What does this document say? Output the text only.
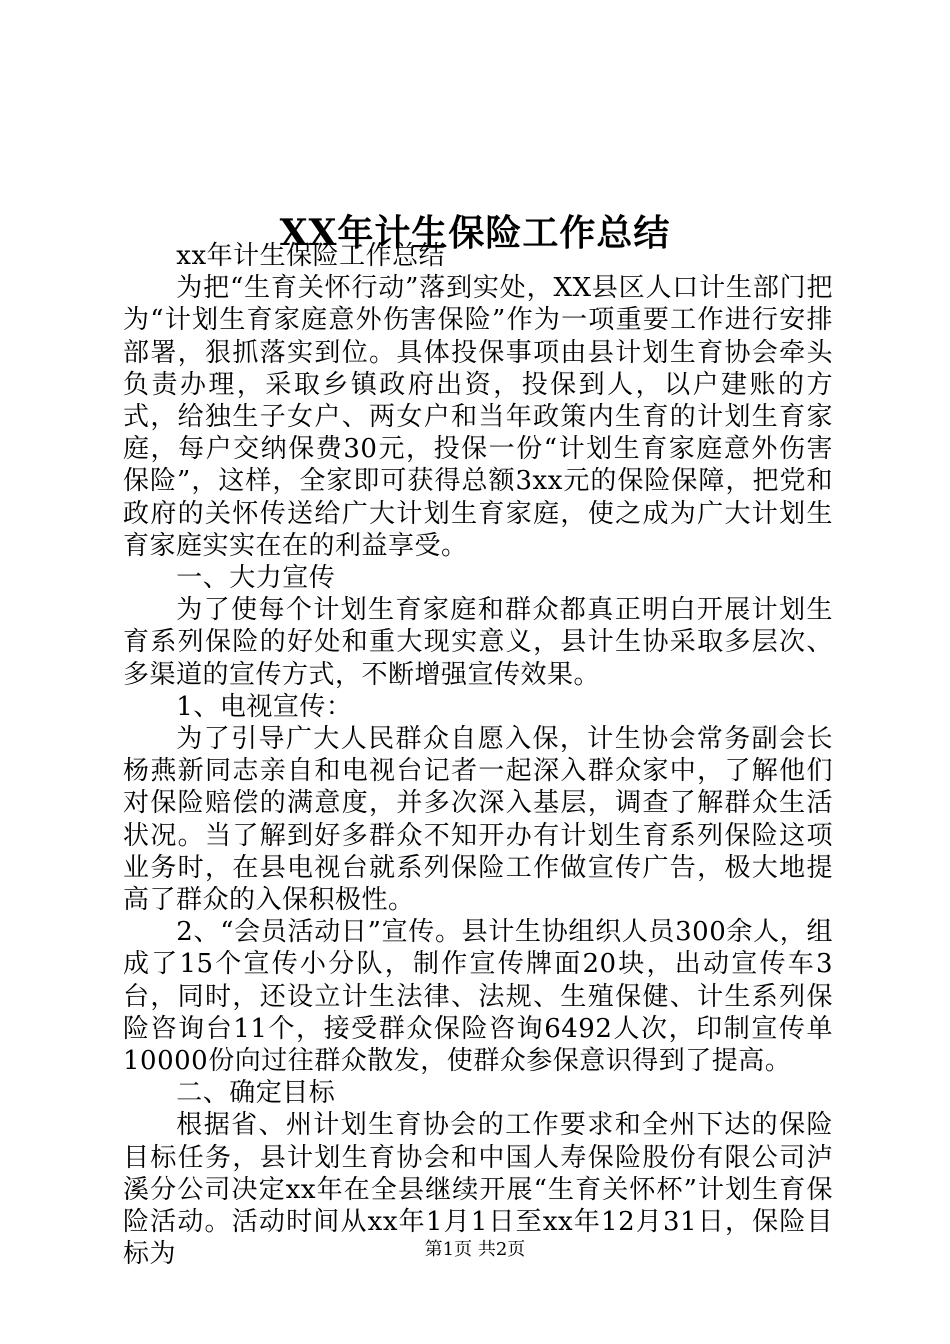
XX年计生保险工作总结

xx年计生保险工作总结

为把“生育关怀行动”落到实处，XX县区人口计生部门把为“计划生育家庭意外伤害保险”作为一项重要工作进行安排部署，狠抓落实到位。具体投保事项由县计划生育协会牵头负责办理，采取乡镇政府出资，投保到人，以户建账的方式，给独生子女户、两女户和当年政策内生育的计划生育家庭，每户交纳保费30元，投保一份“计划生育家庭意外伤害保险”，这样，全家即可获得总额3xx元的保险保障，把党和政府的关怀传送给广大计划生育家庭，使之成为广大计划生育家庭实实在在的利益享受。

一、大力宣传

为了使每个计划生育家庭和群众都真正明白开展计划生育系列保险的好处和重大现实意义，县计生协采取多层次、多渠道的宣传方式，不断增强宣传效果。

1、电视宣传：

为了引导广大人民群众自愿入保，计生协会常务副会长杨燕新同志亲自和电视台记者一起深入群众家中，了解他们对保险赔偿的满意度，并多次深入基层，调查了解群众生活状况。当了解到好多群众不知开办有计划生育系列保险这项业务时，在县电视台就系列保险工作做宣传广告，极大地提高了群众的入保积极性。

2、“会员活动日”宣传。县计生协组织人员300余人，组成了15个宣传小分队，制作宣传牌面20块，出动宣传车3台，同时，还设立计生法律、法规、生殖保健、计生系列保险咨询台11个，接受群众保险咨询6492人次，印制宣传单10000份向过往群众散发，使群众参保意识得到了提高。

二、确定目标

根据省、州计划生育协会的工作要求和全州下达的保险目标任务，县计划生育协会和中国人寿保险股份有限公司泸溪分公司决定xx年在全县继续开展“生育关怀杯”计划生育保险活动。活动时间从xx年1月1日至xx年12月31日，保险目标为	第1页 共2页
